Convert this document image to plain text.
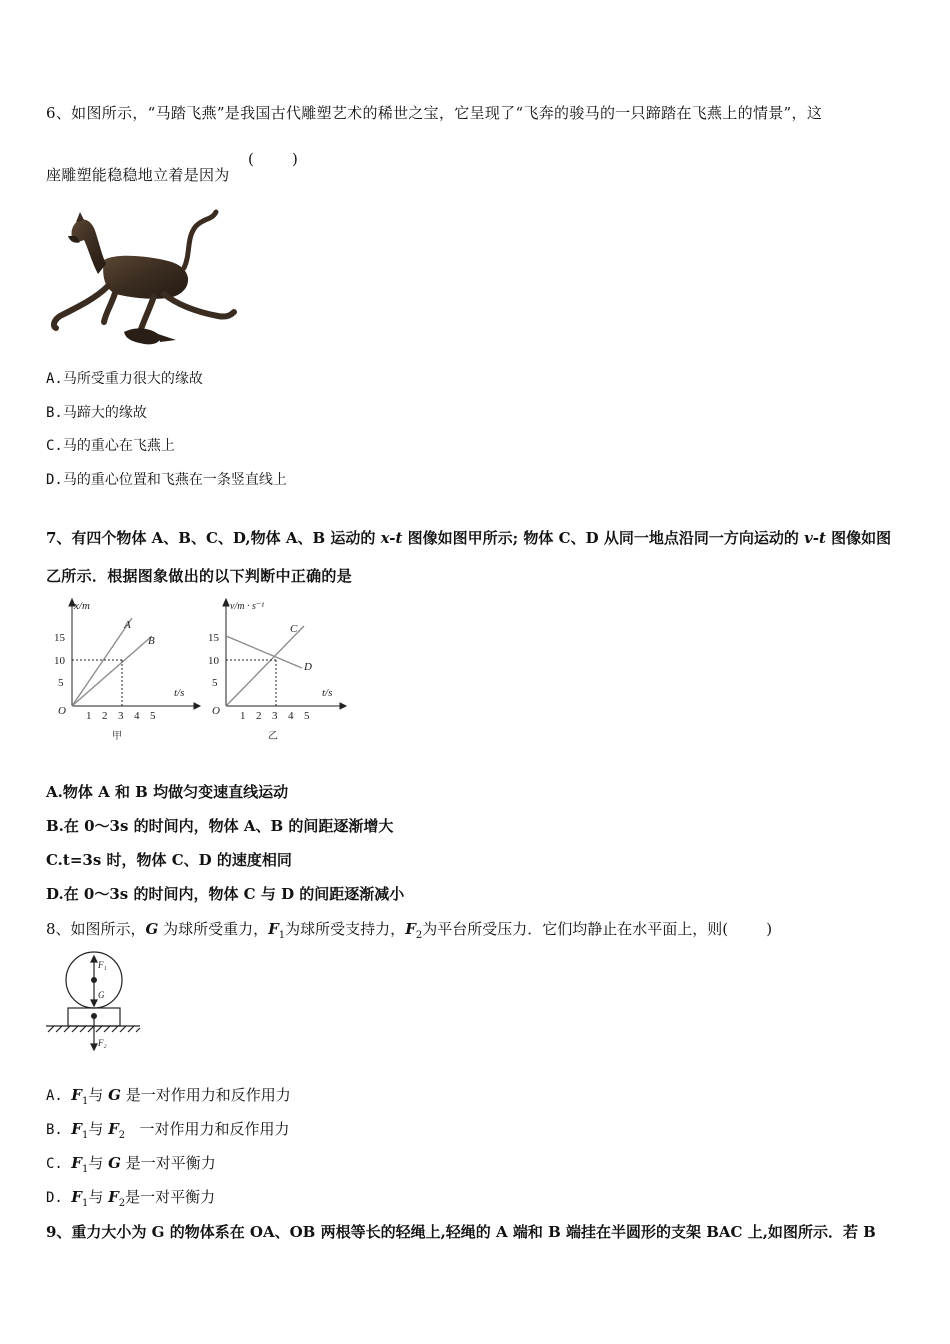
6、如图所示，“马踏飞燕”是我国古代雕塑艺术的稀世之宝，它呈现了“飞奔的骏马的一只蹄踏在飞燕上的情景”，这
(        )
座雕塑能稳稳地立着是因为
A.马所受重力很大的缘故
B.马蹄大的缘故
C.马的重心在飞燕上
D.马的重心位置和飞燕在一条竖直线上
7、有四个物体 A、B、C、D,物体 A、B 运动的 x-t 图像如图甲所示; 物体 C、D 从同一地点沿同一方向运动的 v-t 图像如图
乙所示．根据图象做出的以下判断中正确的是
x/m
t/s
O
A
B
5
10
15
1 2 3 4 5
甲
v/m · s⁻¹
t/s
O
C
D
5
10
15
1 2 3 4 5
乙
A.物体 A 和 B 均做匀变速直线运动
B.在 0～3s 的时间内，物体 A、B 的间距逐渐增大
C.t=3s 时，物体 C、D 的速度相同
D.在 0～3s 的时间内，物体 C 与 D 的间距逐渐减小
8、如图所示，G 为球所受重力，$F_1$为球所受支持力，$F_2$为平台所受压力．它们均静止在水平面上，则(        )
F₁
G
F₂
A. $F_1$与 G 是一对作用力和反作用力
B. $F_1$与 $F_2$   一对作用力和反作用力
C. $F_1$与 G 是一对平衡力
D. $F_1$与 $F_2$是一对平衡力
9、重力大小为 G 的物体系在 OA、OB 两根等长的轻绳上,轻绳的 A 端和 B 端挂在半圆形的支架 BAC 上,如图所示．若 B
